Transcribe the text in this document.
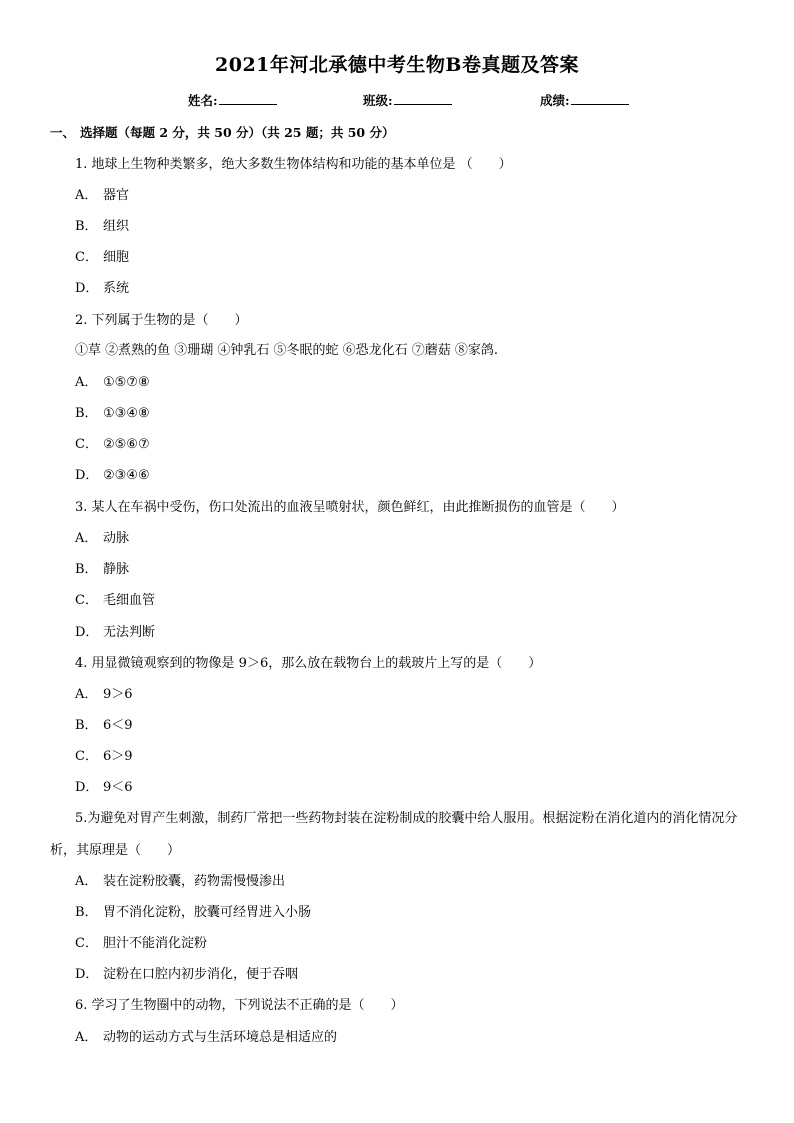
2021年河北承德中考生物B卷真题及答案
姓名:	班级:	成绩:
一、 选择题（每题 2 分，共 50 分）（共 25 题；共 50 分）
1. 地球上生物种类繁多，绝大多数生物体结构和功能的基本单位是 （　　）
A． 器官
B． 组织
C． 细胞
D． 系统
2. 下列属于生物的是（　　）
①草 ②煮熟的鱼 ③珊瑚 ④钟乳石 ⑤冬眠的蛇 ⑥恐龙化石 ⑦蘑菇 ⑧家鸽.
A． ①⑤⑦⑧
B． ①③④⑧
C． ②⑤⑥⑦
D． ②③④⑥
3. 某人在车祸中受伤，伤口处流出的血液呈喷射状，颜色鲜红，由此推断损伤的血管是（　　）
A． 动脉
B． 静脉
C． 毛细血管
D． 无法判断
4. 用显微镜观察到的物像是 9＞6，那么放在载物台上的载玻片上写的是（　　）
A． 9＞6
B． 6＜9
C． 6＞9
D． 9＜6
5.为避免对胃产生刺激，制药厂常把一些药物封装在淀粉制成的胶囊中给人服用。根据淀粉在消化道内的消化情况分析，其原理是（　　）
A． 装在淀粉胶囊，药物需慢慢渗出
B． 胃不消化淀粉，胶囊可经胃进入小肠
C． 胆汁不能消化淀粉
D． 淀粉在口腔内初步消化，便于吞咽
6. 学习了生物圈中的动物，下列说法不正确的是（　　）
A． 动物的运动方式与生活环境总是相适应的
